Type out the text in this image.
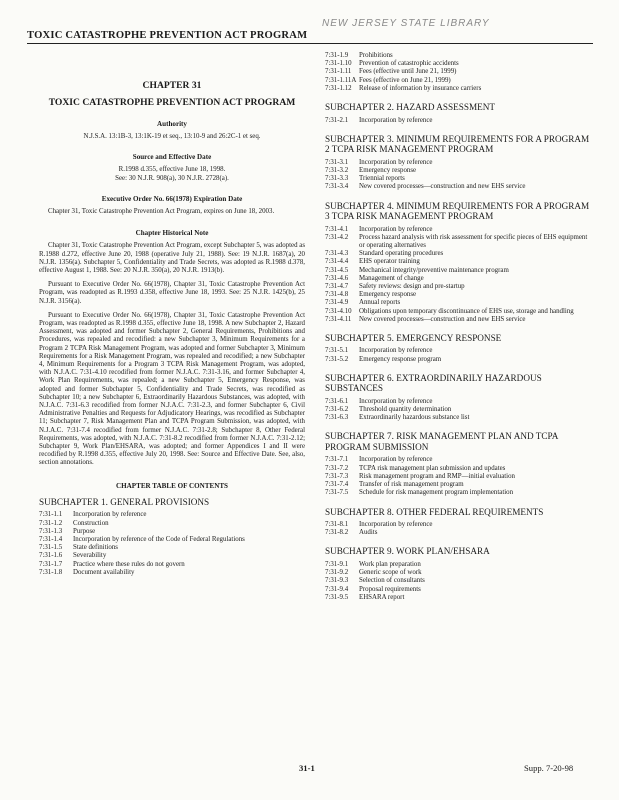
NEW JERSEY STATE LIBRARY
TOXIC CATASTROPHE PREVENTION ACT PROGRAM
CHAPTER 31
TOXIC CATASTROPHE PREVENTION ACT PROGRAM
Authority
N.J.S.A. 13:1B-3, 13:1K-19 et seq., 13:10-9 and 26:2C-1 et seq.
Source and Effective Date
R.1998 d.355, effective June 18, 1998.
See: 30 N.J.R. 908(a), 30 N.J.R. 2728(a).
Executive Order No. 66(1978) Expiration Date

Chapter 31, Toxic Catastrophe Prevention Act Program, expires on June 18, 2003.

Chapter Historical Note

Chapter 31, Toxic Catastrophe Prevention Act Program, except Subchapter 5, was adopted as R.1988 d.272, effective June 20, 1988 (operative July 21, 1988). See: 19 N.J.R. 1687(a), 20 N.J.R. 1356(a). Subchapter 5, Confidentiality and Trade Secrets, was adopted as R.1988 d.378, effective August 1, 1988. See: 20 N.J.R. 350(a), 20 N.J.R. 1913(b).

Pursuant to Executive Order No. 66(1978), Chapter 31, Toxic Catastrophe Prevention Act Program, was readopted as R.1993 d.358, effective June 18, 1993. See: 25 N.J.R. 1425(b), 25 N.J.R. 3156(a).

Pursuant to Executive Order No. 66(1978), Chapter 31, Toxic Catastrophe Prevention Act Program, was readopted as R.1998 d.355, effective June 18, 1998. A new Subchapter 2, Hazard Assessment, was adopted and former Subchapter 2, General Requirements, Prohibitions and Procedures, was repealed and recodified: a new Subchapter 3, Minimum Requirements for a Program 2 TCPA Risk Management Program, was adopted and former Subchapter 3, Minimum Requirements for a Risk Management Program, was repealed and recodified; a new Subchapter 4, Minimum Requirements for a Program 3 TCPA Risk Management Program, was adopted, with N.J.A.C. 7:31-4.10 recodified from former N.J.A.C. 7:31-3.16, and former Subchapter 4, Work Plan Requirements, was repealed; a new Subchapter 5, Emergency Response, was adopted and former Subchapter 5, Confidentiality and Trade Secrets, was recodified as Subchapter 10; a new Subchapter 6, Extraordinarily Hazardous Substances, was adopted, with N.J.A.C. 7:31-6.3 recodified from former N.J.A.C. 7:31-2.3, and former Subchapter 6, Civil Administrative Penalties and Requests for Adjudicatory Hearings, was recodified as Subchapter 11; Subchapter 7, Risk Management Plan and TCPA Program Submission, was adopted, with N.J.A.C. 7:31-7.4 recodified from former N.J.A.C. 7:31-2.8; Subchapter 8, Other Federal Requirements, was adopted, with N.J.A.C. 7:31-8.2 recodified from former N.J.A.C. 7:31-2.12; Subchapter 9, Work Plan/EHSARA, was adopted; and former Appendices I and II were recodified by R.1998 d.355, effective July 20, 1998. See: Source and Effective Date. See, also, section annotations.

CHAPTER TABLE OF CONTENTS
SUBCHAPTER 1. GENERAL PROVISIONS
7:31-1.1	Incorporation by reference
7:31-1.2	Construction
7:31-1.3	Purpose
7:31-1.4	Incorporation by reference of the Code of Federal Regulations
7:31-1.5	State definitions
7:31-1.6	Severability
7:31-1.7	Practice where these rules do not govern
7:31-1.8	Document availability
7:31-1.9	Prohibitions
7:31-1.10	Prevention of catastrophic accidents
7:31-1.11	Fees (effective until June 21, 1999)
7:31-1.11A Fees (effective on June 21, 1999)
7:31-1.12	Release of information by insurance carriers
SUBCHAPTER 2. HAZARD ASSESSMENT
7:31-2.1	Incorporation by reference
SUBCHAPTER 3. MINIMUM REQUIREMENTS FOR A PROGRAM 2 TCPA RISK MANAGEMENT PROGRAM
7:31-3.1	Incorporation by reference
7:31-3.2	Emergency response
7:31-3.3	Triennial reports
7:31-3.4	New covered processes—construction and new EHS service
SUBCHAPTER 4. MINIMUM REQUIREMENTS FOR A PROGRAM 3 TCPA RISK MANAGEMENT PROGRAM
7:31-4.1	Incorporation by reference
7:31-4.2	Process hazard analysis with risk assessment for specific pieces of EHS equipment or operating alternatives
7:31-4.3	Standard operating procedures
7:31-4.4	EHS operator training
7:31-4.5	Mechanical integrity/preventive maintenance program
7:31-4.6	Management of change
7:31-4.7	Safety reviews: design and pre-startup
7:31-4.8	Emergency response
7:31-4.9	Annual reports
7:31-4.10	Obligations upon temporary discontinuance of EHS use, storage and handling
7:31-4.11	New covered processes—construction and new EHS service
SUBCHAPTER 5. EMERGENCY RESPONSE
7:31-5.1	Incorporation by reference
7:31-5.2	Emergency response program
SUBCHAPTER 6. EXTRAORDINARILY HAZARDOUS SUBSTANCES
7:31-6.1	Incorporation by reference
7:31-6.2	Threshold quantity determination
7:31-6.3	Extraordinarily hazardous substance list
SUBCHAPTER 7. RISK MANAGEMENT PLAN AND TCPA PROGRAM SUBMISSION
7:31-7.1	Incorporation by reference
7:31-7.2	TCPA risk management plan submission and updates
7:31-7.3	Risk management program and RMP—initial evaluation
7:31-7.4	Transfer of risk management program
7:31-7.5	Schedule for risk management program implementation
SUBCHAPTER 8. OTHER FEDERAL REQUIREMENTS
7:31-8.1	Incorporation by reference
7:31-8.2	Audits
SUBCHAPTER 9. WORK PLAN/EHSARA
7:31-9.1	Work plan preparation
7:31-9.2	Generic scope of work
7:31-9.3	Selection of consultants
7:31-9.4	Proposal requirements
7:31-9.5	EHSARA report
31-1	Supp. 7-20-98
